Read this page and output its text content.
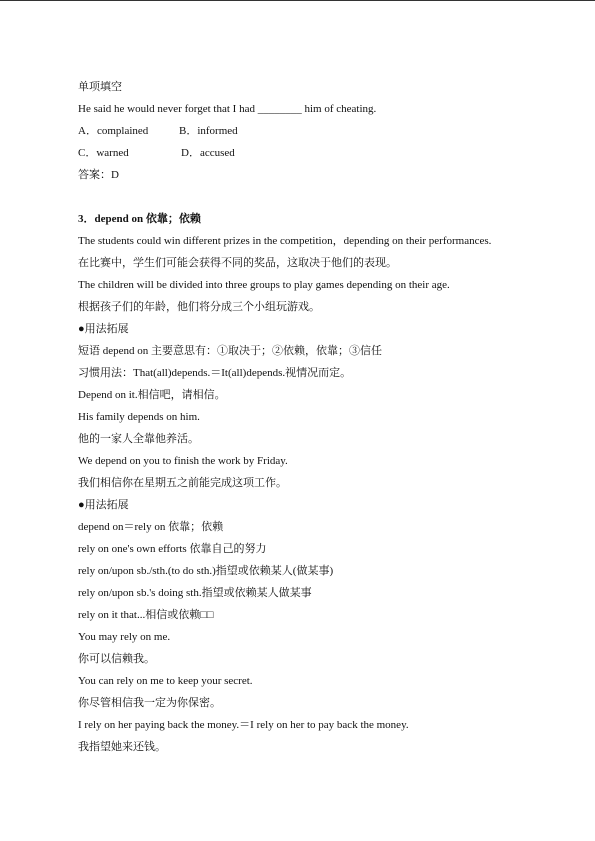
单项填空
He said he would never forget that I had ________ him of cheating.
A．complained	B．informed
C．warned	D．accused
答案：D
3．depend on 依靠；依赖
The students could win different prizes in the competition，depending on their performances.
在比赛中，学生们可能会获得不同的奖品，这取决于他们的表现。
The children will be divided into three groups to play games depending on their age.
根据孩子们的年龄，他们将分成三个小组玩游戏。
●用法拓展
短语 depend on 主要意思有：①取决于；②依赖，依靠；③信任
习惯用法：That(all)depends.＝It(all)depends.视情况而定。
Depend on it.相信吧，请相信。
His family depends on him.
他的一家人全靠他养活。
We depend on you to finish the work by Friday.
我们相信你在星期五之前能完成这项工作。
●用法拓展
depend on＝rely on 依靠；依赖
rely on one's own efforts 依靠自己的努力
rely on/upon sb./sth.(to do sth.)指望或依赖某人(做某事)
rely on/upon sb.'s doing sth.指望或依赖某人做某事
rely on it that...相信或依赖□□
You may rely on me.
你可以信赖我。
You can rely on me to keep your secret.
你尽管相信我一定为你保密。
I rely on her paying back the money.＝I rely on her to pay back the money.
我指望她来还钱。
